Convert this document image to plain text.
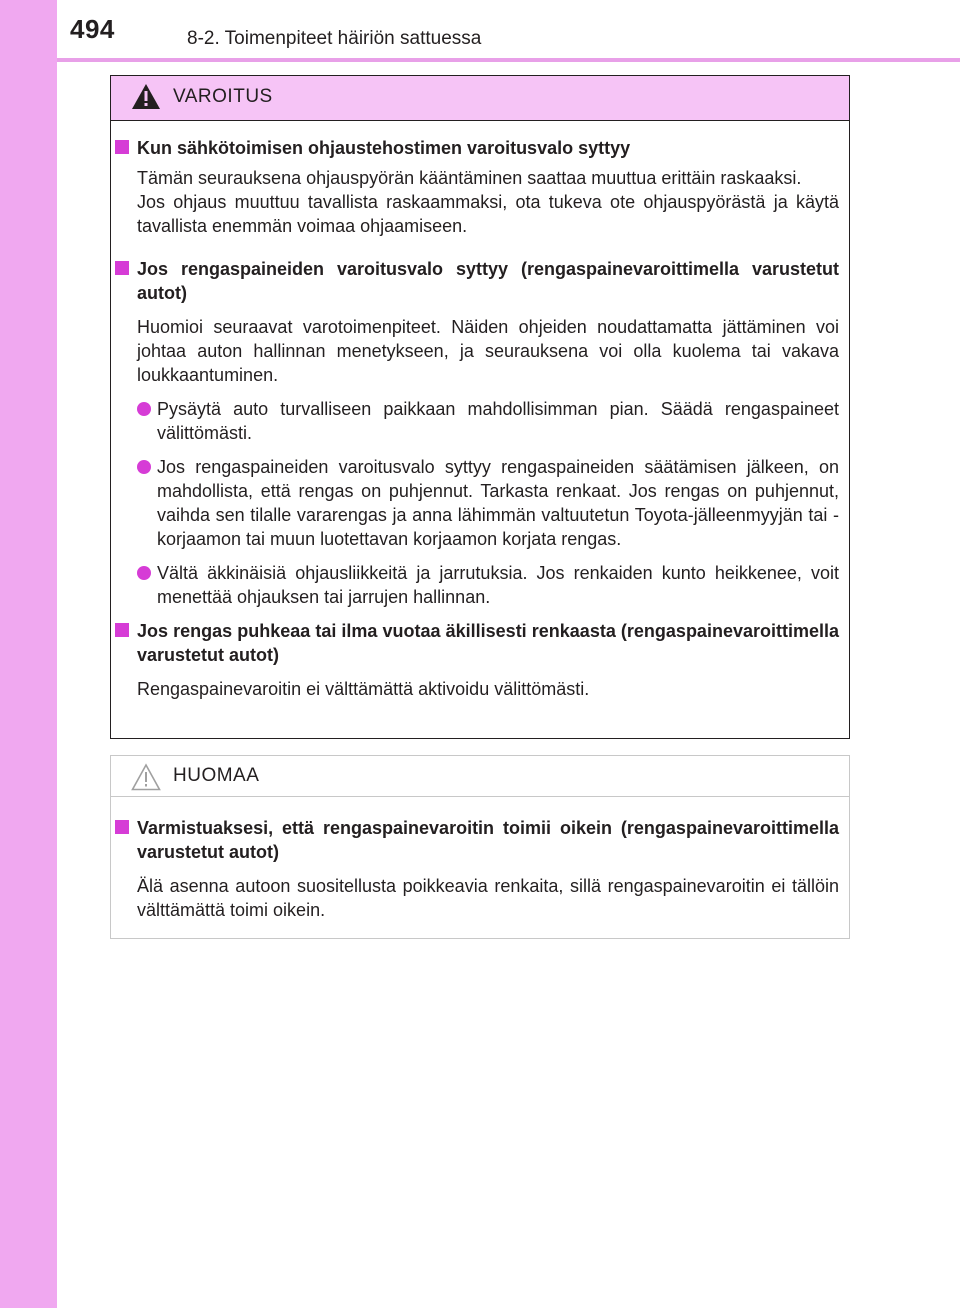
494	8-2. Toimenpiteet häiriön sattuessa
VAROITUS
Kun sähkötoimisen ohjaustehostimen varoitusvalo syttyy
Tämän seurauksena ohjauspyörän kääntäminen saattaa muuttua erittäin raskaaksi.
Jos ohjaus muuttuu tavallista raskaammaksi, ota tukeva ote ohjauspyörästä ja käytä tavallista enemmän voimaa ohjaamiseen.
Jos rengaspaineiden varoitusvalo syttyy (rengaspainevaroittimella varustetut autot)
Huomioi seuraavat varotoimenpiteet. Näiden ohjeiden noudattamatta jättäminen voi johtaa auton hallinnan menetykseen, ja seurauksena voi olla kuolema tai vakava loukkaantuminen.
Pysäytä auto turvalliseen paikkaan mahdollisimman pian. Säädä rengaspaineet välittömästi.
Jos rengaspaineiden varoitusvalo syttyy rengaspaineiden säätämisen jälkeen, on mahdollista, että rengas on puhjennut. Tarkasta renkaat. Jos rengas on puhjennut, vaihda sen tilalle vararengas ja anna lähimmän valtuutetun Toyota-jälleenmyyjän tai -korjaamon tai muun luotettavan korjaamon korjata rengas.
Vältä äkkinäisiä ohjausliikkeitä ja jarrutuksia. Jos renkaiden kunto heikkenee, voit menettää ohjauksen tai jarrujen hallinnan.
Jos rengas puhkeaa tai ilma vuotaa äkillisesti renkaasta (rengaspainevaroittimella varustetut autot)
Rengaspainevaroitin ei välttämättä aktivoidu välittömästi.
HUOMAA
Varmistuaksesi, että rengaspainevaroitin toimii oikein (rengaspainevaroittimella varustetut autot)
Älä asenna autoon suositellusta poikkeavia renkaita, sillä rengaspainevaroitin ei tällöin välttämättä toimi oikein.
